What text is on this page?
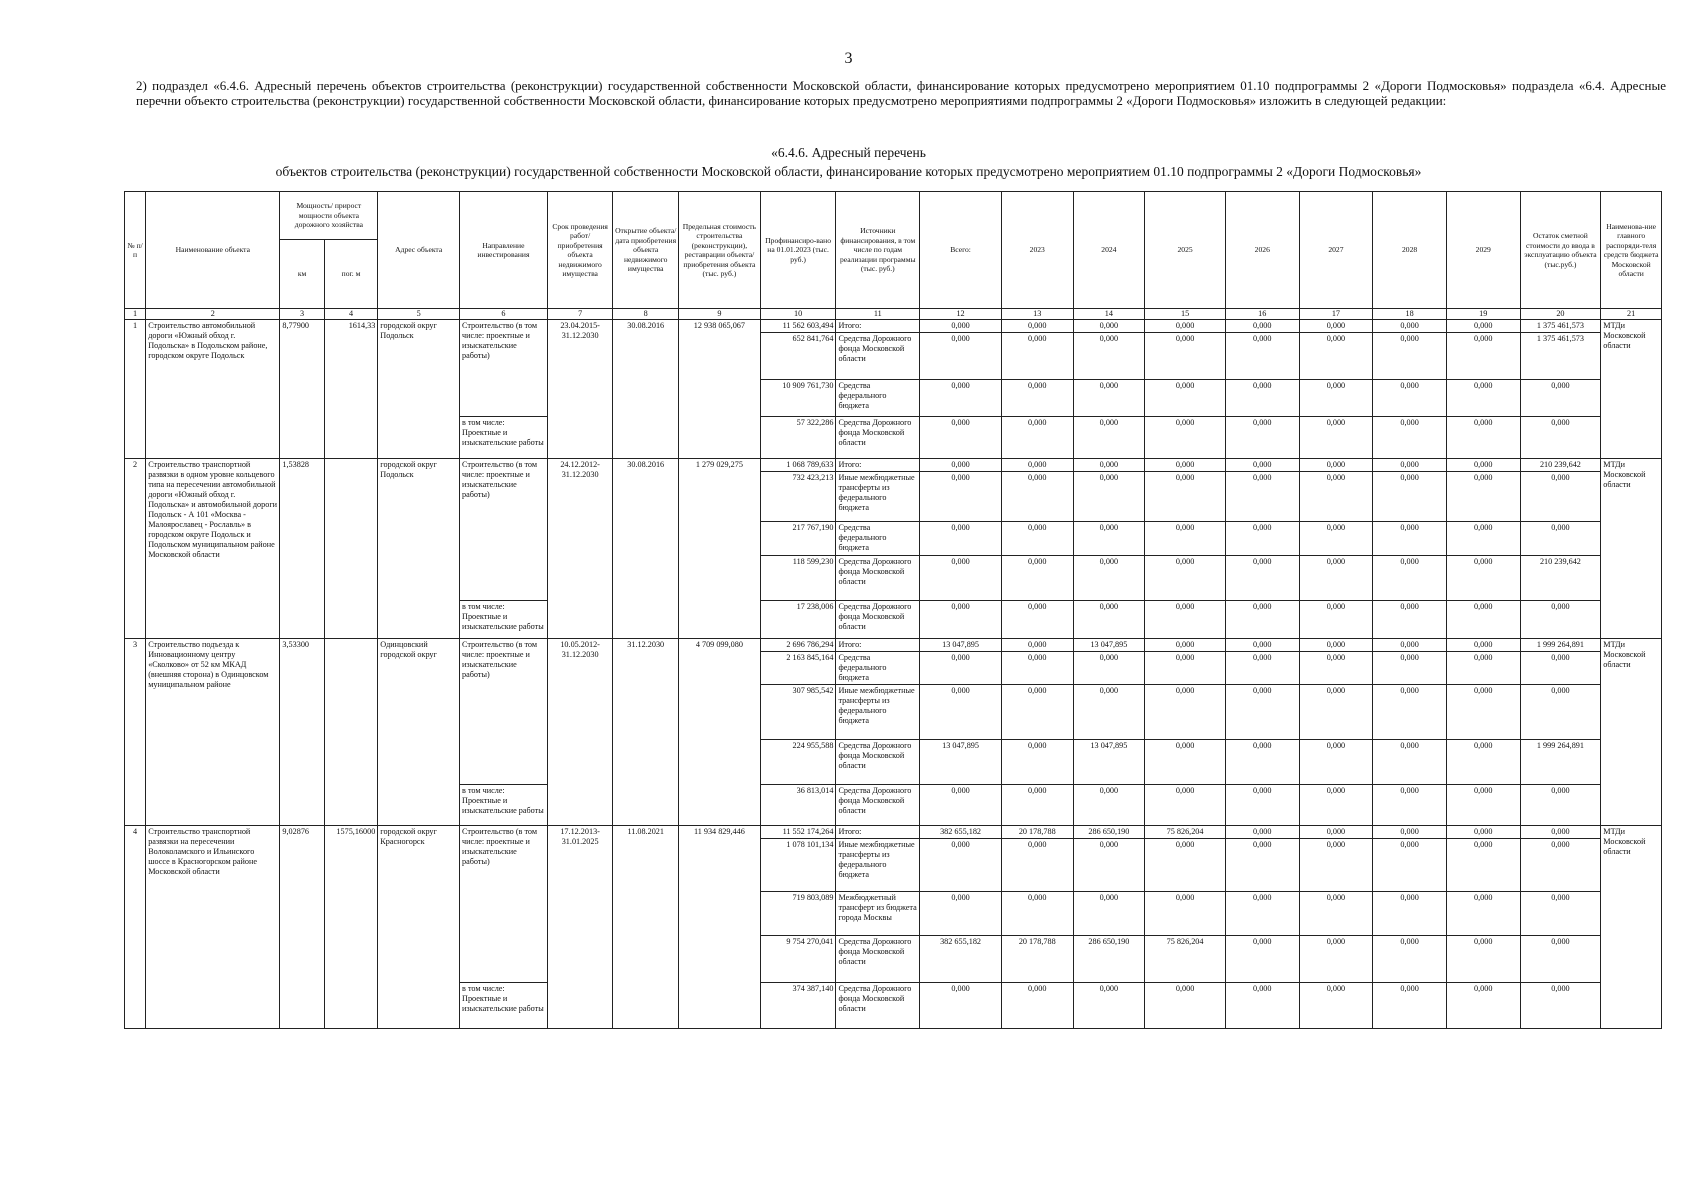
3
2) подраздел «6.4.6. Адресный перечень объектов строительства (реконструкции) государственной собственности Московской области, финансирование которых предусмотрено мероприятием 01.10 подпрограммы 2 «Дороги Подмосковья» подраздела «6.4. Адресные перечни объекто строительства (реконструкции) государственной собственности Московской области, финансирование которых предусмотрено мероприятиями подпрограммы 2 «Дороги Подмосковья» изложить в следующей редакции:
«6.4.6. Адресный перечень
объектов строительства (реконструкции) государственной собственности Московской области, финансирование которых предусмотрено мероприятием 01.10 подпрограммы 2 «Дороги Подмосковья»
№ п/п	Наименование объекта	Мощность/ прирост мощности объекта дорожного хозяйства		Адрес объекта	Направление инвестирования	Срок проведения работ/ приобретения объекта недвижимого имущества	Открытие объекта/ дата приобретения объекта недвижимого имущества	Предельная стоимость строительства (реконструкции), реставрации объекта/ приобретения объекта (тыс. руб.)	Профинансиро-вано на 01.01.2023 (тыс. руб.)	Источники финансирования, в том числе по годам реализации программы (тыс. руб.)	Всего:	2023	2024	2025	2026	2027	2028	2029	Остаток сметной стоимости до ввода в эксплуатацию объекта (тыс.руб.)	Наименова-ние главного распоряди-теля средств бюджета Московской области
		км	пог. м																	
1	2	3	4	5	6	7	8	9	10	11	12	13	14	15	16	17	18	19	20	21
1	Строительство автомобильной дороги «Южный обход г. Подольска» в Подольском районе, городском округе Подольск	8,77900	1614,33	городской округ Подольск	Строительство (в том числе: проектные и изыскательские работы)	23.04.2015-31.12.2030	30.08.2016	12 938 065,067	11 562 603,494	Итого:	0,000	0,000	0,000	0,000	0,000	0,000	0,000	0,000	1 375 461,573	МТДи Московской области
									652 841,764	Средства Дорожного фонда Московской области	0,000	0,000	0,000	0,000	0,000	0,000	0,000	0,000	1 375 461,573	
									10 909 761,730	Средства федерального бюджета	0,000	0,000	0,000	0,000	0,000	0,000	0,000	0,000	0,000	
					в том числе: Проектные и изыскательские работы				57 322,286	Средства Дорожного фонда Московской области	0,000	0,000	0,000	0,000	0,000	0,000	0,000	0,000	0,000	
2	Строительство транспортной развязки в одном уровне кольцевого типа на пересечении автомобильной дороги «Южный обход г. Подольска» и автомобильной дороги Подольск - А 101 «Москва - Малоярославец - Рославль» в городском округе Подольск и Подольском муниципальном районе Московской области	1,53828		городской округ Подольск	Строительство (в том числе: проектные и изыскательские работы)	24.12.2012-31.12.2030	30.08.2016	1 279 029,275	1 068 789,633	Итого:	0,000	0,000	0,000	0,000	0,000	0,000	0,000	0,000	210 239,642	МТДи Московской области
									732 423,213	Иные межбюджетные трансферты из федерального бюджета	0,000	0,000	0,000	0,000	0,000	0,000	0,000	0,000	0,000	
									217 767,190	Средства федерального бюджета	0,000	0,000	0,000	0,000	0,000	0,000	0,000	0,000	0,000	
									118 599,230	Средства Дорожного фонда Московской области	0,000	0,000	0,000	0,000	0,000	0,000	0,000	0,000	210 239,642	
					в том числе: Проектные и изыскательские работы				17 238,006	Средства Дорожного фонда Московской области	0,000	0,000	0,000	0,000	0,000	0,000	0,000	0,000	0,000	
3	Строительство подъезда к Инновационному центру «Сколково» от 52 км МКАД (внешняя сторона) в Одинцовском муниципальном районе	3,53300		Одинцовский городской округ	Строительство (в том числе: проектные и изыскательские работы)	10.05.2012-31.12.2030	31.12.2030	4 709 099,080	2 696 786,294	Итого:	13 047,895	0,000	13 047,895	0,000	0,000	0,000	0,000	0,000	1 999 264,891	МТДи Московской области
									2 163 845,164	Средства федерального бюджета	0,000	0,000	0,000	0,000	0,000	0,000	0,000	0,000	0,000	
									307 985,542	Иные межбюджетные трансферты из федерального бюджета	0,000	0,000	0,000	0,000	0,000	0,000	0,000	0,000	0,000	
									224 955,588	Средства Дорожного фонда Московской области	13 047,895	0,000	13 047,895	0,000	0,000	0,000	0,000	0,000	1 999 264,891	
					в том числе: Проектные и изыскательские работы				36 813,014	Средства Дорожного фонда Московской области	0,000	0,000	0,000	0,000	0,000	0,000	0,000	0,000	0,000	
4	Строительство транспортной развязки на пересечении Волоколамского и Ильинского шоссе в Красногорском районе Московской области	9,02876	1575,16000	городской округ Красногорск	Строительство (в том числе: проектные и изыскательские работы)	17.12.2013-31.01.2025	11.08.2021	11 934 829,446	11 552 174,264	Итого:	382 655,182	20 178,788	286 650,190	75 826,204	0,000	0,000	0,000	0,000	0,000	МТДи Московской области
									1 078 101,134	Иные межбюджетные трансферты из федерального бюджета	0,000	0,000	0,000	0,000	0,000	0,000	0,000	0,000	0,000	
									719 803,089	Межбюджетный трансферт из бюджета города Москвы	0,000	0,000	0,000	0,000	0,000	0,000	0,000	0,000	0,000	
									9 754 270,041	Средства Дорожного фонда Московской области	382 655,182	20 178,788	286 650,190	75 826,204	0,000	0,000	0,000	0,000	0,000	
					в том числе: Проектные и изыскательские работы				374 387,140	Средства Дорожного фонда Московской области	0,000	0,000	0,000	0,000	0,000	0,000	0,000	0,000	0,000	
